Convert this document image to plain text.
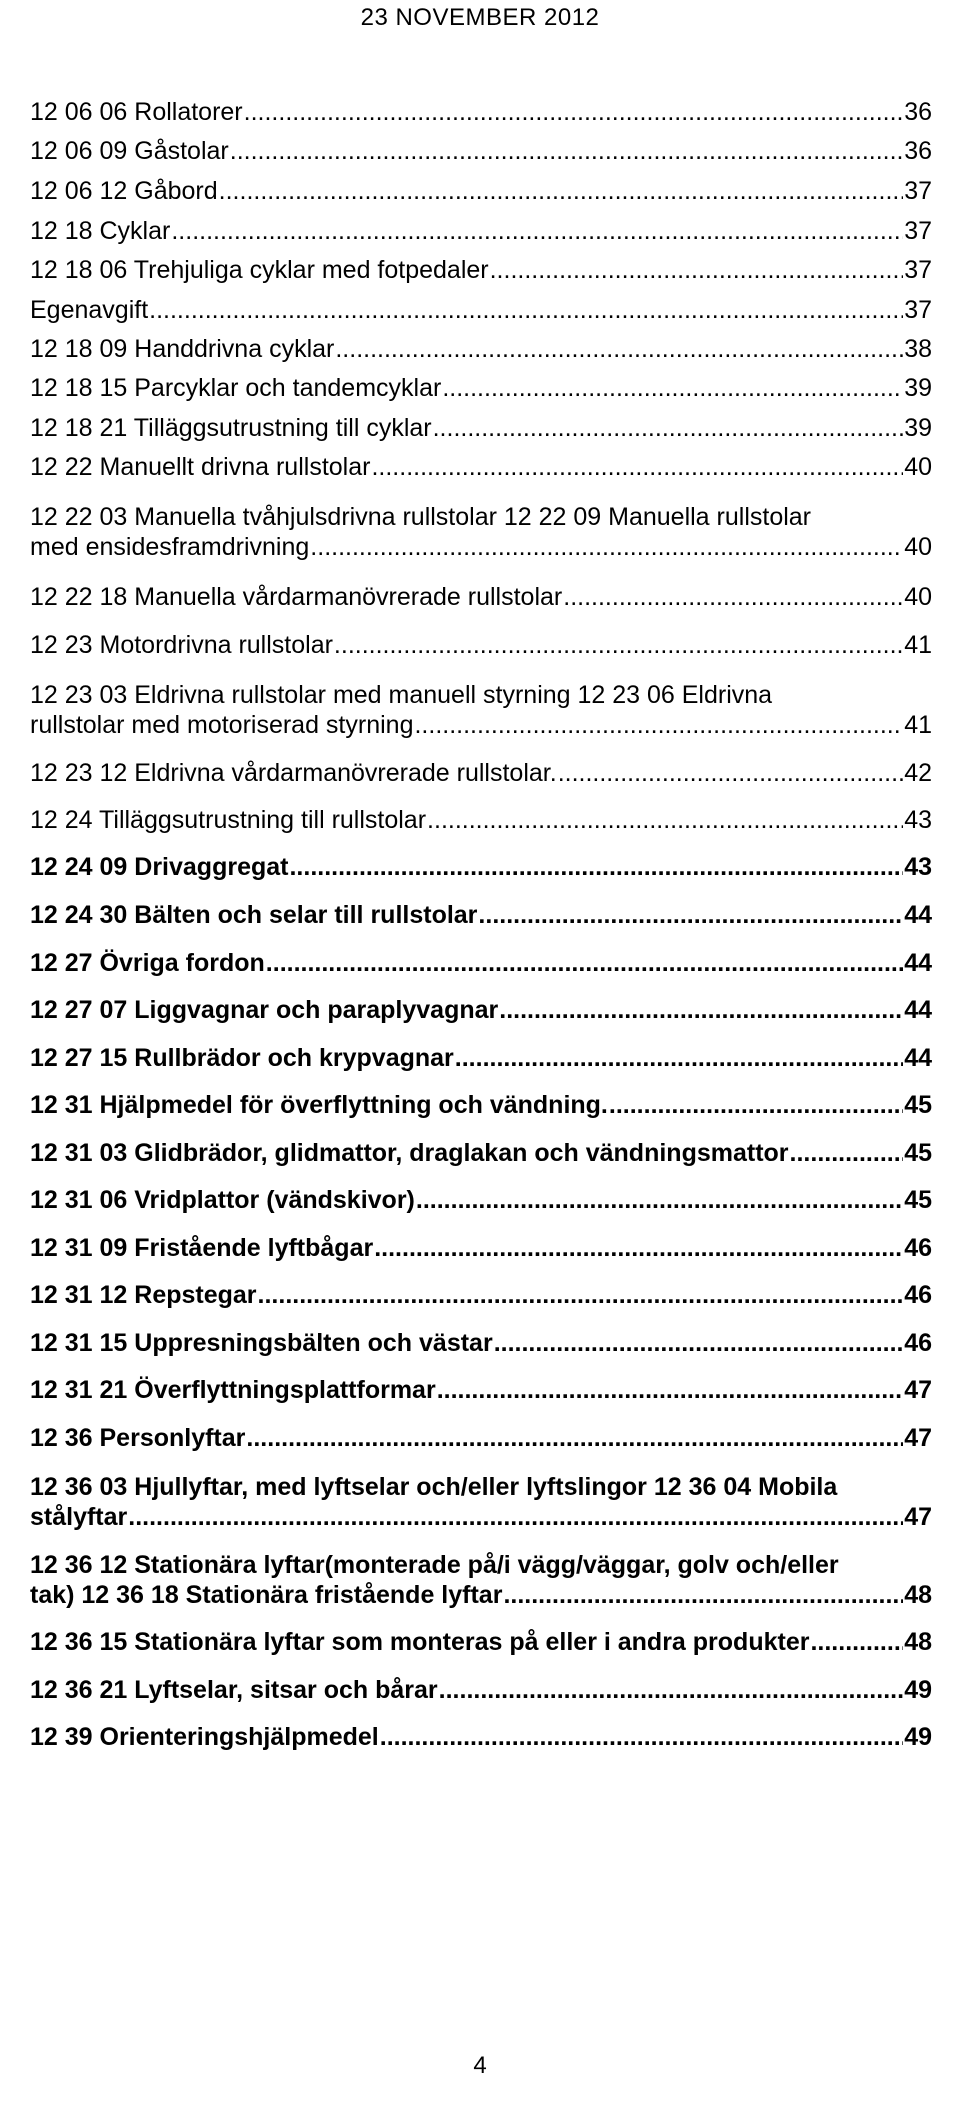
23 NOVEMBER 2012
12 06 06 Rollatorer .....	36
12 06 09 Gåstolar .....	36
12 06 12 Gåbord .....	37
12 18 Cyklar .....	37
12 18 06 Trehjuliga cyklar med fotpedaler .....	37
Egenavgift .....	37
12 18 09 Handdrivna cyklar .....	38
12 18 15 Parcyklar och tandemcyklar .....	39
12 18 21 Tilläggsutrustning till cyklar .....	39
12 22 Manuellt drivna rullstolar .....	40
12 22 03 Manuella tvåhjulsdrivna rullstolar 12 22 09 Manuella rullstolar
med ensidesframdrivning .....	40
12 22 18 Manuella vårdarmanövrerade rullstolar .....	40
12 23 Motordrivna rullstolar .....	41
12 23 03 Eldrivna rullstolar med manuell styrning 12 23 06 Eldrivna
rullstolar med motoriserad styrning .....	41
12 23 12 Eldrivna vårdarmanövrerade rullstolar. .....	42
12 24 Tilläggsutrustning till rullstolar .....	43
12 24 09 Drivaggregat .....	43
12 24 30 Bälten och selar till rullstolar .....	44
12 27 Övriga fordon .....	44
12 27 07 Liggvagnar och paraplyvagnar .....	44
12 27 15 Rullbrädor och krypvagnar .....	44
12 31 Hjälpmedel för överflyttning och vändning. .....	45
12 31 03 Glidbrädor, glidmattor, draglakan och vändningsmattor .....	45
12 31 06 Vridplattor (vändskivor) .....	45
12 31 09 Fristående lyftbågar .....	46
12 31 12 Repstegar .....	46
12 31 15 Uppresningsbälten och västar .....	46
12 31 21 Överflyttningsplattformar .....	47
12 36 Personlyftar .....	47
12 36 03 Hjullyftar, med lyftselar och/eller lyftslingor 12 36 04 Mobila
stålyftar .....	47
12 36 12 Stationära lyftar(monterade på/i vägg/väggar, golv och/eller
tak) 12 36 18 Stationära fristående lyftar .....	48
12 36 15 Stationära lyftar som monteras på eller i andra produkter .....	48
12 36 21 Lyftselar, sitsar och bårar .....	49
12 39 Orienteringshjälpmedel .....	49
4
